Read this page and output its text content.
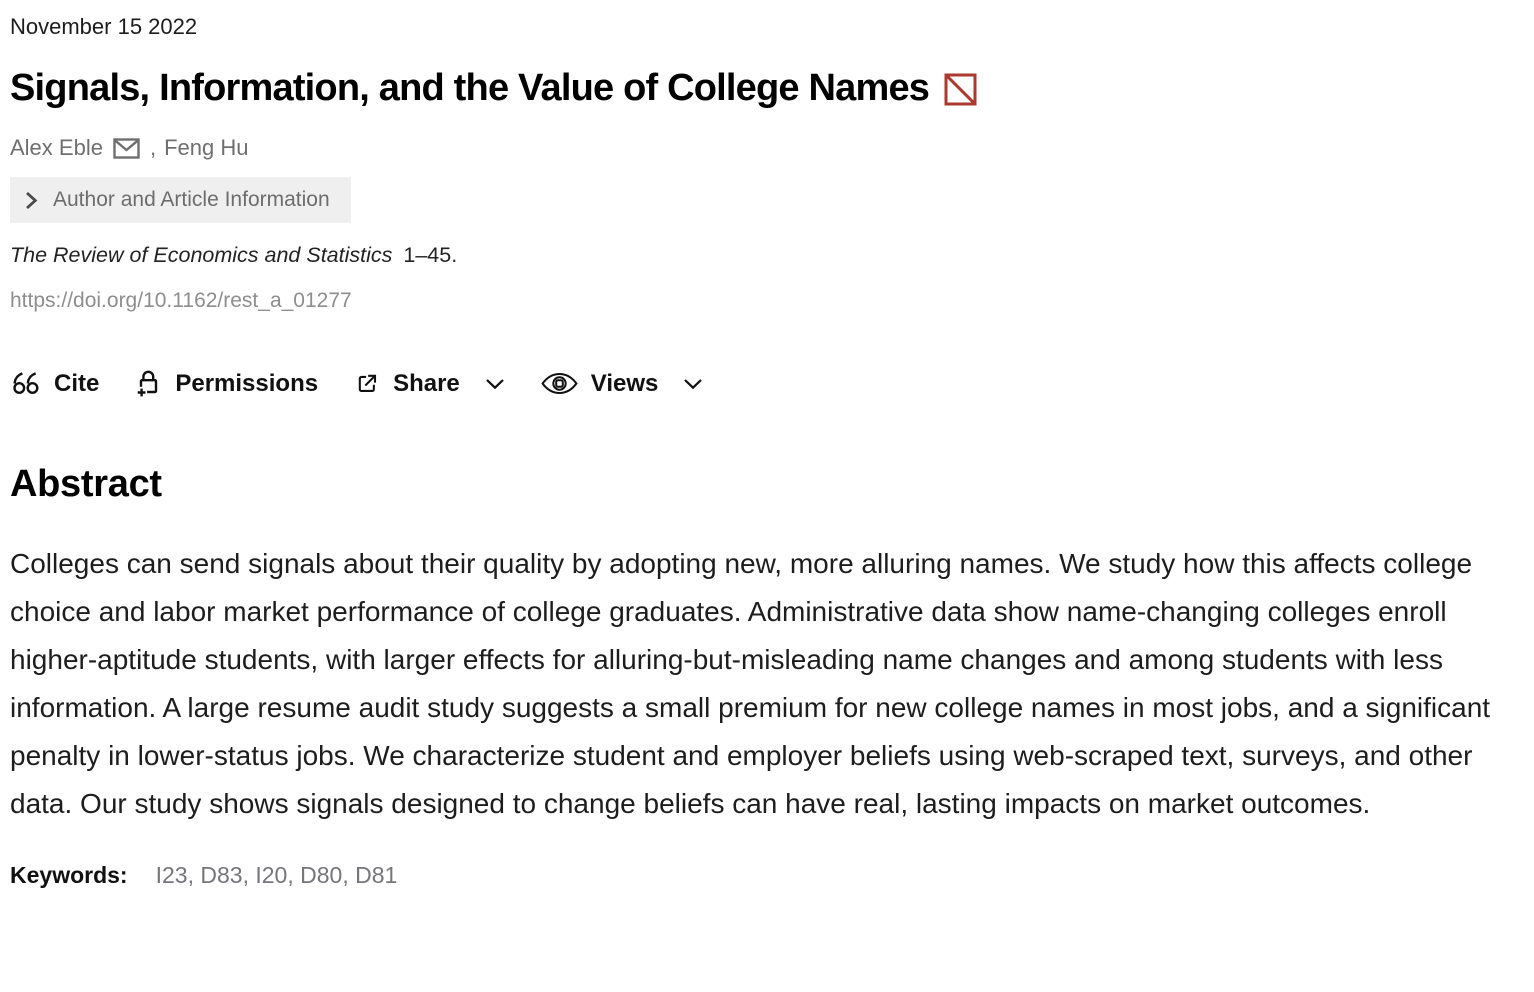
November 15 2022
Signals, Information, and the Value of College Names
Alex Eble , Feng Hu
Author and Article Information
The Review of Economics and Statistics 1–45.
https://doi.org/10.1162/rest_a_01277
Cite	Permissions	Share	Views
Abstract

Colleges can send signals about their quality by adopting new, more alluring names. We study how this affects college choice and labor market performance of college graduates. Administrative data show name-changing colleges enroll higher-aptitude students, with larger effects for alluring-but-misleading name changes and among students with less information. A large resume audit study suggests a small premium for new college names in most jobs, and a significant penalty in lower-status jobs. We characterize student and employer beliefs using web-scraped text, surveys, and other data. Our study shows signals designed to change beliefs can have real, lasting impacts on market outcomes.

Keywords: I23, D83, I20, D80, D81
